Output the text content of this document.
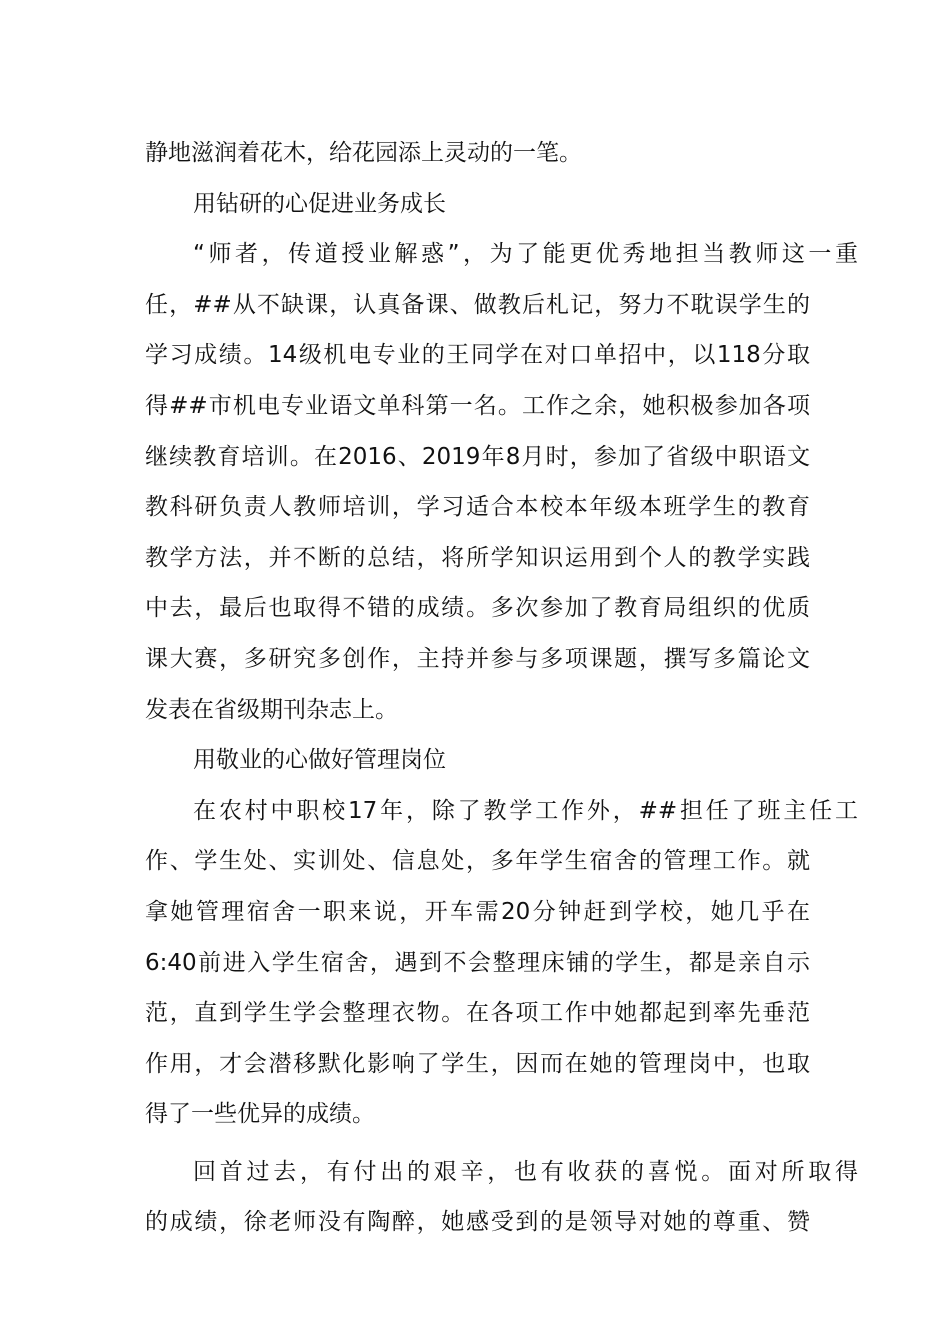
静地滋润着花木，给花园添上灵动的一笔。
用钻研的心促进业务成长
“师者，传道授业解惑”，为了能更优秀地担当教师这一重
任，##从不缺课，认真备课、做教后札记，努力不耽误学生的
学习成绩。14级机电专业的王同学在对口单招中，以118分取
得##市机电专业语文单科第一名。工作之余，她积极参加各项
继续教育培训。在2016、2019年8月时，参加了省级中职语文
教科研负责人教师培训，学习适合本校本年级本班学生的教育
教学方法，并不断的总结，将所学知识运用到个人的教学实践
中去，最后也取得不错的成绩。多次参加了教育局组织的优质
课大赛，多研究多创作，主持并参与多项课题，撰写多篇论文
发表在省级期刊杂志上。
用敬业的心做好管理岗位
在农村中职校17年，除了教学工作外，##担任了班主任工
作、学生处、实训处、信息处，多年学生宿舍的管理工作。就
拿她管理宿舍一职来说，开车需20分钟赶到学校，她几乎在
6:40前进入学生宿舍，遇到不会整理床铺的学生，都是亲自示
范，直到学生学会整理衣物。在各项工作中她都起到率先垂范
作用，才会潜移默化影响了学生，因而在她的管理岗中，也取
得了一些优异的成绩。
回首过去，有付出的艰辛，也有收获的喜悦。面对所取得
的成绩，徐老师没有陶醉，她感受到的是领导对她的尊重、赞
